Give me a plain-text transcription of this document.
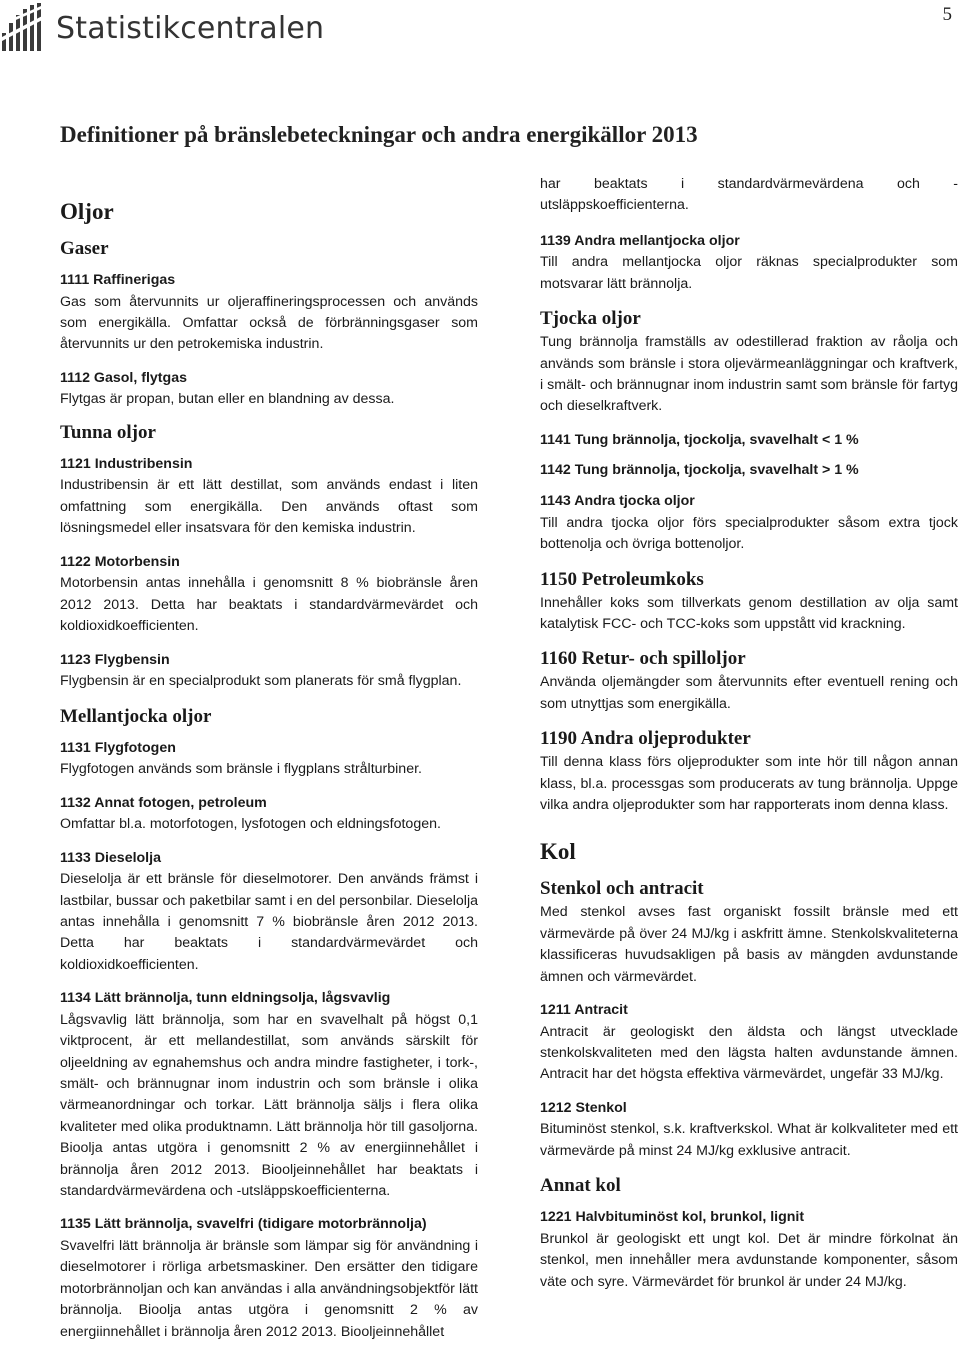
Statistikcentralen	5
Definitioner på bränslebeteckningar och andra energikällor 2013
Oljor
Gaser
1111 Raffinerigas

Gas som återvunnits ur oljeraffineringsprocessen och används som energikälla. Omfattar också de förbränningsgaser som återvunnits ur den petrokemiska industrin.

1112 Gasol, flytgas

Flytgas är propan, butan eller en blandning av dessa.

Tunna oljor
1121 Industribensin

Industribensin är ett lätt destillat, som används endast i liten omfattning som energikälla. Den används oftast som lösningsmedel eller insatsvara för den kemiska industrin.

1122 Motorbensin

Motorbensin antas innehålla i genomsnitt 8 % biobränsle åren 2012 2013. Detta har beaktats i standardvärmevärdet och koldioxidkoefficienten.

1123 Flygbensin

Flygbensin är en specialprodukt som planerats för små flygplan.

Mellantjocka oljor
1131 Flygfotogen

Flygfotogen används som bränsle i flygplans strålturbiner.

1132 Annat fotogen, petroleum

Omfattar bl.a. motorfotogen, lysfotogen och eldningsfotogen.

1133 Dieselolja

Dieselolja är ett bränsle för dieselmotorer. Den används främst i lastbilar, bussar och paketbilar samt i en del personbilar. Dieselolja antas innehålla i genomsnitt 7 % biobränsle åren 2012 2013. Detta har beaktats i standardvärmevärdet och koldioxidkoefficienten.

1134 Lätt brännolja, tunn eldningsolja, lågsvavlig

Lågsvavlig lätt brännolja, som har en svavelhalt på högst 0,1 viktprocent, är ett mellandestillat, som används särskilt för oljeeldning av egnahemshus och andra mindre fastigheter, i tork-, smält- och brännugnar inom industrin och som bränsle i olika värmeanordningar och torkar. Lätt brännolja säljs i flera olika kvaliteter med olika produktnamn. Lätt brännolja hör till gasoljorna. Bioolja antas utgöra i genomsnitt 2 % av energiinnehållet i brännolja åren 2012 2013. Biooljeinnehållet har beaktats i standardvärmevärdena och -utsläppskoefficienterna.

1135 Lätt brännolja, svavelfri (tidigare motorbrännolja)

Svavelfri lätt brännolja är bränsle som lämpar sig för användning i dieselmotorer i rörliga arbetsmaskiner. Den ersätter den tidigare motorbrännoljan och kan användas i alla användningsobjektför lätt brännolja. Bioolja antas utgöra i genomsnitt 2 % av energiinnehållet i brännolja åren 2012 2013. Biooljeinnehållet

har beaktats i standardvärmevärdena och -utsläppskoefficienterna.

1139 Andra mellantjocka oljor

Till andra mellantjocka oljor räknas specialprodukter som motsvarar lätt brännolja.

Tjocka oljor

Tung brännolja framställs av odestillerad fraktion av råolja och används som bränsle i stora oljevärmeanläggningar och kraftverk, i smält- och brännugnar inom industrin samt som bränsle för fartyg och dieselkraftverk.

1141 Tung brännolja, tjockolja, svavelhalt < 1 %
1142 Tung brännolja, tjockolja, svavelhalt > 1 %
1143 Andra tjocka oljor

Till andra tjocka oljor förs specialprodukter såsom extra tjock bottenolja och övriga bottenoljor.

1150 Petroleumkoks

Innehåller koks som tillverkats genom destillation av olja samt katalytisk FCC- och TCC-koks som uppstått vid krackning.

1160 Retur- och spilloljor

Använda oljemängder som återvunnits efter eventuell rening och som utnyttjas som energikälla.

1190 Andra oljeprodukter

Till denna klass förs oljeprodukter som inte hör till någon annan klass, bl.a. processgas som producerats av tung brännolja. Uppge vilka andra oljeprodukter som har rapporterats inom denna klass.

Kol
Stenkol och antracit

Med stenkol avses fast organiskt fossilt bränsle med ett värmevärde på över 24 MJ/kg i askfritt ämne. Stenkolskvaliteterna klassificeras huvudsakligen på basis av mängden avdunstande ämnen och värmevärdet.

1211 Antracit

Antracit är geologiskt den äldsta och längst utvecklade stenkolskvaliteten med den lägsta halten avdunstande ämnen. Antracit har det högsta effektiva värmevärdet, ungefär 33 MJ/kg.

1212 Stenkol

Bituminöst stenkol, s.k. kraftverkskol. What är kolkvaliteter med ett värmevärde på minst 24 MJ/kg exklusive antracit.

Annat kol
1221 Halvbituminöst kol, brunkol, lignit

Brunkol är geologiskt ett ungt kol. Det är mindre förkolnat än stenkol, men innehåller mera avdunstande komponenter, såsom väte och syre. Värmevärdet för brunkol är under 24 MJ/kg.
